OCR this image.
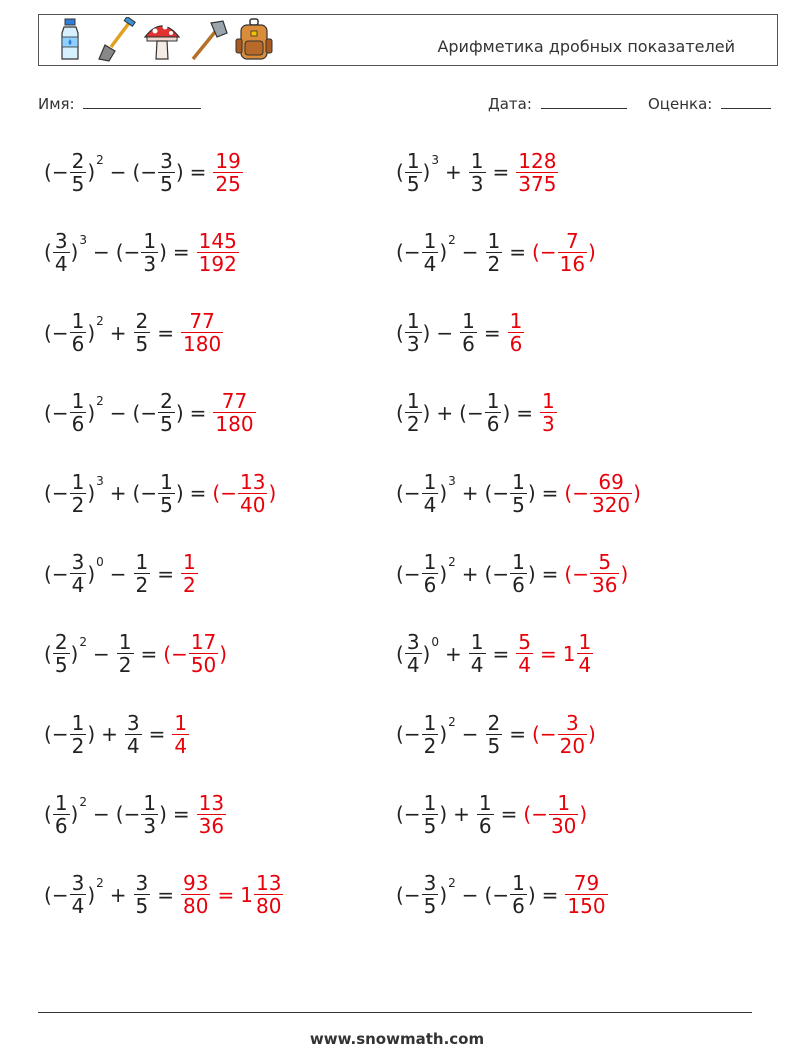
Арифметика дробных показателей
Имя:	Дата:	Оценка:
( − $\frac{2}{5}$ ) 2 − ( − $\frac{3}{5}$ ) = $\frac{19}{25}$	( $\frac{1}{5}$ ) $3 + \frac{1}{3} = \frac{128}{375}$
( $\frac{3}{4}$ ) 3 − ( − $\frac{1}{3}$ ) = $\frac{145}{192}$	( − $\frac{1}{4}$ ) $2 - \frac{1}{2}$ = (− $\frac{7}{16}$ )
( − $\frac{1}{6}$ ) $2 + \frac{2}{5} = \frac{77}{180}$	( $\frac{1}{3}$ ) − $\frac{1}{6} = \frac{1}{6}$
( − $\frac{1}{6}$ ) 2 − ( − $\frac{2}{5}$ ) = $\frac{77}{180}$	( $\frac{1}{2}$ ) + ( − $\frac{1}{6}$ ) = $\frac{1}{3}$
( − $\frac{1}{2}$ ) 3 + ( − $\frac{1}{5}$ ) = (− $\frac{13}{40}$ )	( − $\frac{1}{4}$ ) 3 + ( − $\frac{1}{5}$ ) = (− $\frac{69}{320}$ )
( − $\frac{3}{4}$ ) $0 - \frac{1}{2} = \frac{1}{2}$	( − $\frac{1}{6}$ ) 2 + ( − $\frac{1}{6}$ ) = (− $\frac{5}{36}$ )
( $\frac{2}{5}$ ) $2 - \frac{1}{2}$ = (− $\frac{17}{50}$ )	( $\frac{3}{4}$ ) $0 + \frac{1}{4} = \frac{5}{4} = 1 \frac{1}{4}$
( − $\frac{1}{2}$ ) + $\frac{3}{4} = \frac{1}{4}$	( − $\frac{1}{2}$ ) $2 - \frac{2}{5}$ = (− $\frac{3}{20}$ )
( $\frac{1}{6}$ ) 2 − ( − $\frac{1}{3}$ ) = $\frac{13}{36}$	( − $\frac{1}{5}$ ) + $\frac{1}{6}$ = (− $\frac{1}{30}$ )
( − $\frac{3}{4}$ ) $2 + \frac{3}{5} = \frac{93}{80} = 1 \frac{13}{80}$	( − $\frac{3}{5}$ ) 2 − ( − $\frac{1}{6}$ ) = $\frac{79}{150}$
www.snowmath.com
